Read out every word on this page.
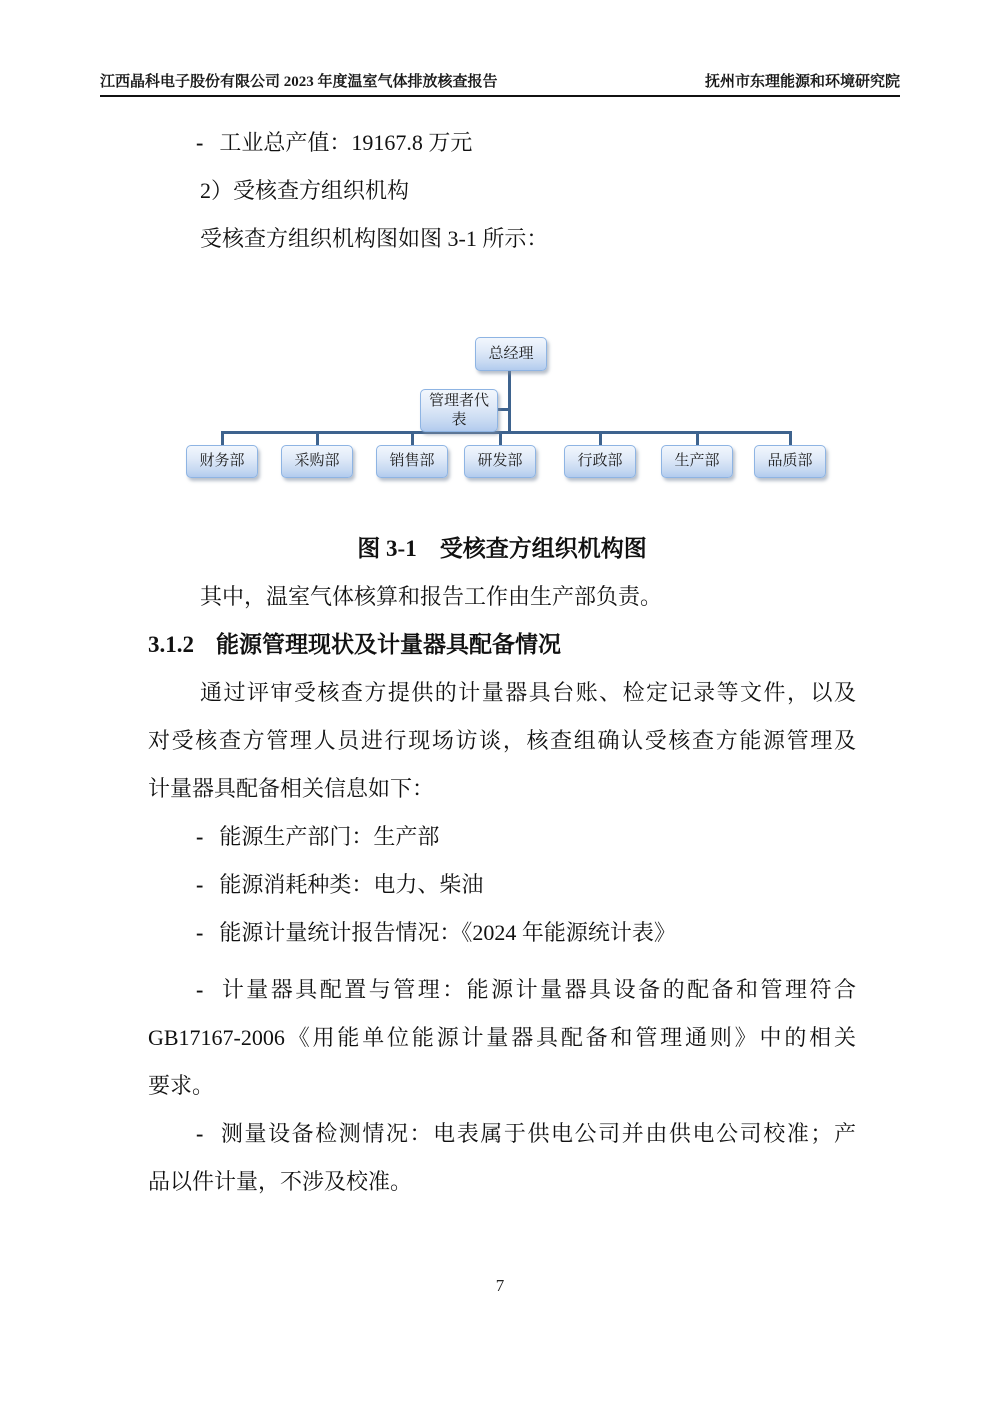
江西晶科电子股份有限公司 2023 年度温室气体排放核查报告	抚州市东理能源和环境研究院
- 工业总产值：19167.8 万元
2）受核查方组织机构
受核查方组织机构图如图 3-1 所示：
总经理
管理者代表
财务部	采购部	销售部	研发部	行政部	生产部	品质部
图 3-1　受核查方组织机构图
其中，温室气体核算和报告工作由生产部负责。
3.1.2 能源管理现状及计量器具配备情况
通过评审受核查方提供的计量器具台账、检定记录等文件，以及
对受核查方管理人员进行现场访谈，核查组确认受核查方能源管理及
计量器具配备相关信息如下：
- 能源生产部门：生产部
- 能源消耗种类：电力、柴油
- 能源计量统计报告情况：《2024 年能源统计表》
- 计量器具配置与管理：能源计量器具设备的配备和管理符合
GB17167-2006《用能单位能源计量器具配备和管理通则》中的相关
要求。
- 测量设备检测情况：电表属于供电公司并由供电公司校准；产
品以件计量，不涉及校准。
7
